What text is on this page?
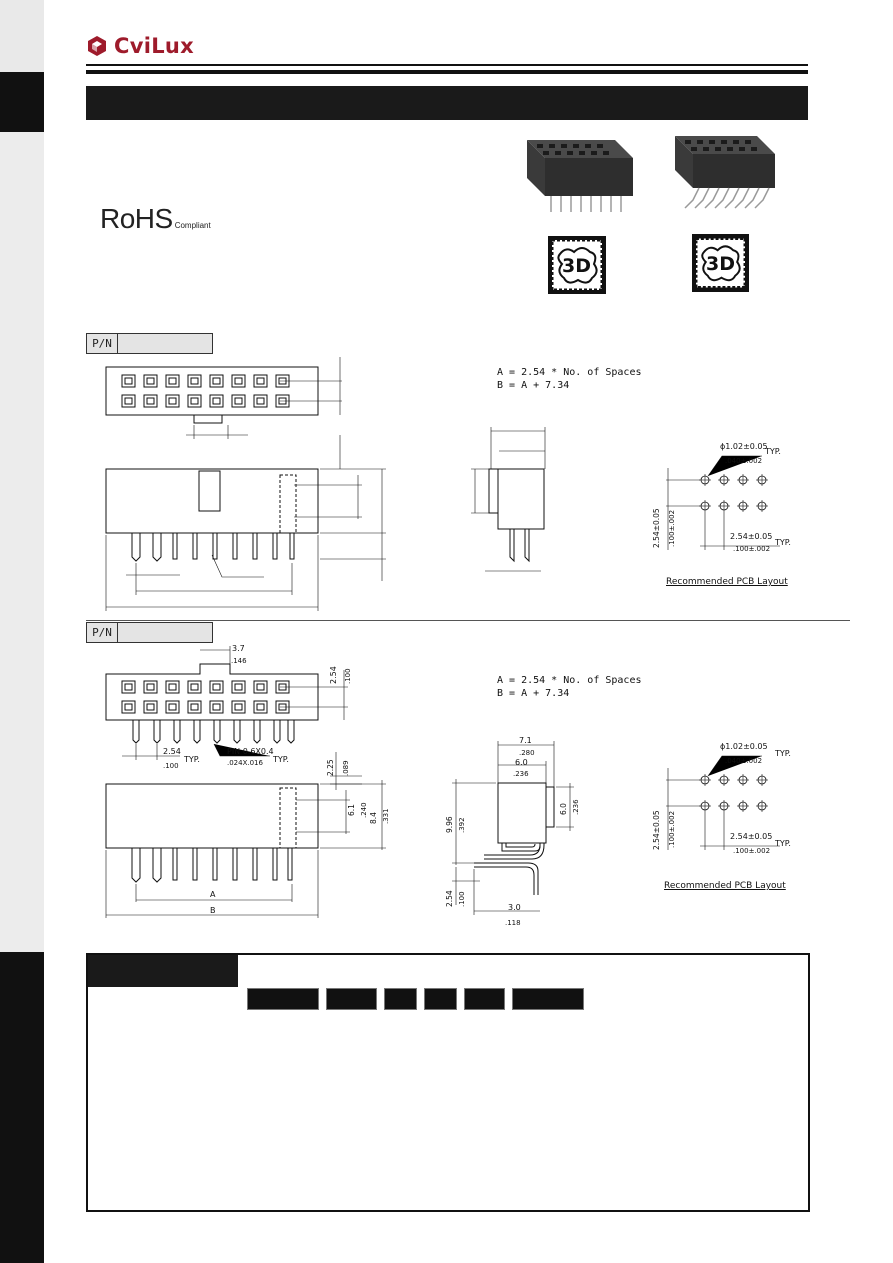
CviLux
RoHS Compliant
3D	3D
P/N
A = 2.54 * No. of Spaces
B = A + 7.34
ϕ1.02±0.05
TYP.
.040±.002
2.54±0.05 .100±.002	2.54±0.05
TYP.
.100±.002
Recommended PCB Layout
P/N
3.7
.146
2.54 .100
2.54
TYP.
.100
PIN 0.6X0.4
TYP.
.024X.016
A
B
2.25 .089
6.1 .240
8.4 .331
A = 2.54 * No. of Spaces
B = A + 7.34
7.1
.280
6.0
.236
9.96 .392
6.0 .236
2.54 .100
3.0
.118
ϕ1.02±0.05
TYP.
.040±.002
2.54±0.05 .100±.002	2.54±0.05
TYP.
.100±.002
Recommended PCB Layout
